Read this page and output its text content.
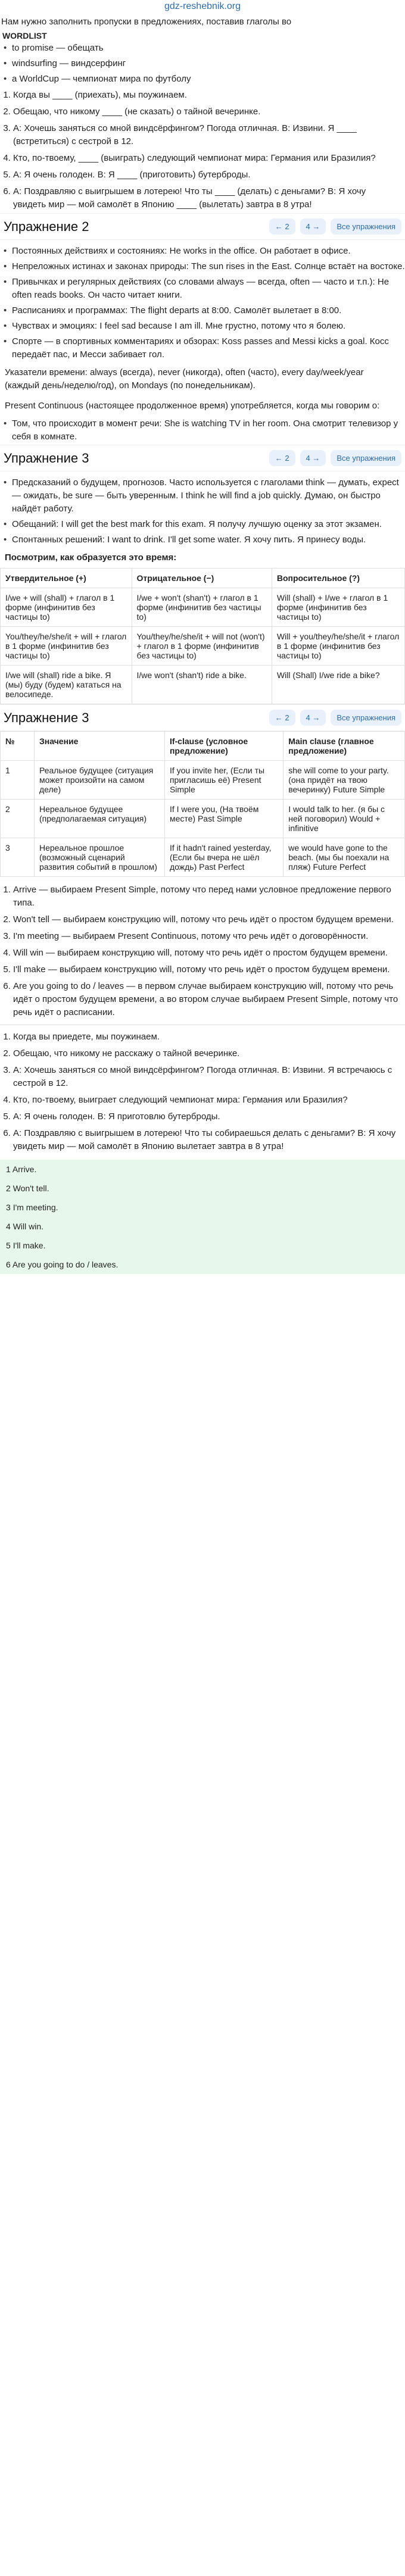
gdz-reshebnik.org
Нам нужно заполнить пропуски в предложениях, поставив глаголы во
WORDLIST
• to promise — обещать
• windsurfing — виндсерфинг
• a WorldCup — чемпионат мира по футболу
1. Когда вы ____ (приехать), мы поужинаем.
2. Обещаю, что никому ____ (не сказать) о тайной вечеринке.
3. А: Хочешь заняться со мной виндсёрфингом? Погода отличная. В: Извини. Я ____ (встретиться) с сестрой в 12.
4. Кто, по-твоему, ____ (выиграть) следующий чемпионат мира: Германия или Бразилия?
5. А: Я очень голоден. В: Я ____ (приготовить) бутерброды.
6. А: Поздравляю с выигрышем в лотерею! Что ты ____ (делать) с деньгами? В: Я хочу увидеть мир — мой самолёт в Японию ____ (вылетать) завтра в 8 утра!
Упражнение 2	← 2	4 →	Все упражнения
• Постоянных действиях и состояниях: He works in the office. Он работает в офисе.
• Непреложных истинах и законах природы: The sun rises in the East. Солнце встаёт на востоке.
• Привычках и регулярных действиях (со словами always — всегда, often — часто и т.п.): He often reads books. Он часто читает книги.
• Расписаниях и программах: The flight departs at 8:00. Самолёт вылетает в 8:00.
• Чувствах и эмоциях: I feel sad because I am ill. Мне грустно, потому что я болею.
• Спорте — в спортивных комментариях и обзорах: Koss passes and Messi kicks a goal. Косс передаёт пас, и Месси забивает гол.
Указатели времени: always (всегда), never (никогда), often (часто), every day/week/year (каждый день/неделю/год), on Mondays (по понедельникам).
Present Continuous (настоящее продолженное время) употребляется, когда мы говорим о:
• Том, что происходит в момент речи: She is watching TV in her room. Она смотрит телевизор у себя в комнате.
Упражнение 3	← 2	4 →	Все упражнения
• Предсказаний о будущем, прогнозов. Часто используется с глаголами think — думать, expect — ожидать, be sure — быть уверенным. I think he will find a job quickly. Думаю, он быстро найдёт работу.
• Обещаний: I will get the best mark for this exam. Я получу лучшую оценку за этот экзамен.
• Спонтанных решений: I want to drink. I'll get some water. Я хочу пить. Я принесу воды.
Посмотрим, как образуется это время:
Утвердительное (+)	Отрицательное (−)	Вопросительное (?)
I/we + will (shall) + глагол в 1 форме (инфинитив без частицы to)	I/we + won't (shan't) + глагол в 1 форме (инфинитив без частицы to)	Will (shall) + I/we + глагол в 1 форме (инфинитив без частицы to)
You/they/he/she/it + will + глагол в 1 форме (инфинитив без частицы to)	You/they/he/she/it + will not (won't) + глагол в 1 форме (инфинитив без частицы to)	Will + you/they/he/she/it + глагол в 1 форме (инфинитив без частицы to)
I/we will (shall) ride a bike. Я (мы) буду (будем) кататься на велосипеде.	I/we won't (shan't) ride a bike.	Will (Shall) I/we ride a bike?
Упражнение 3	← 2	4 →	Все упражнения
№	Значение	If-clause (условное предложение)	Main clause (главное предложение)
1	Реальное будущее (ситуация может произойти на самом деле)	If you invite her, (Если ты пригласишь её) Present Simple	she will come to your party. (она придёт на твою вечеринку) Future Simple
2	Нереальное будущее (предполагаемая ситуация)	If I were you, (На твоём месте) Past Simple	I would talk to her. (я бы с ней поговорил) Would + infinitive
3	Нереальное прошлое (возможный сценарий развития событий в прошлом)	If it hadn't rained yesterday, (Если бы вчера не шёл дождь) Past Perfect	we would have gone to the beach. (мы бы поехали на пляж) Future Perfect
1. Arrive — выбираем Present Simple, потому что перед нами условное предложение первого типа.
2. Won't tell — выбираем конструкцию will, потому что речь идёт о простом будущем времени.
3. I'm meeting — выбираем Present Continuous, потому что речь идёт о договорённости.
4. Will win — выбираем конструкцию will, потому что речь идёт о простом будущем времени.
5. I'll make — выбираем конструкцию will, потому что речь идёт о простом будущем времени.
6. Are you going to do / leaves — в первом случае выбираем конструкцию will, потому что речь идёт о простом будущем времени, а во втором случае выбираем Present Simple, потому что речь идёт о расписании.
1. Когда вы приедете, мы поужинаем.
2. Обещаю, что никому не расскажу о тайной вечеринке.
3. А: Хочешь заняться со мной виндсёрфингом? Погода отличная. В: Извини. Я встречаюсь с сестрой в 12.
4. Кто, по-твоему, выиграет следующий чемпионат мира: Германия или Бразилия?
5. А: Я очень голоден. В: Я приготовлю бутерброды.
6. А: Поздравляю с выигрышем в лотерею! Что ты собираешься делать с деньгами? В: Я хочу увидеть мир — мой самолёт в Японию вылетает завтра в 8 утра!
1 Arrive.
2 Won't tell.
3 I'm meeting.
4 Will win.
5 I'll make.
6 Are you going to do / leaves.
